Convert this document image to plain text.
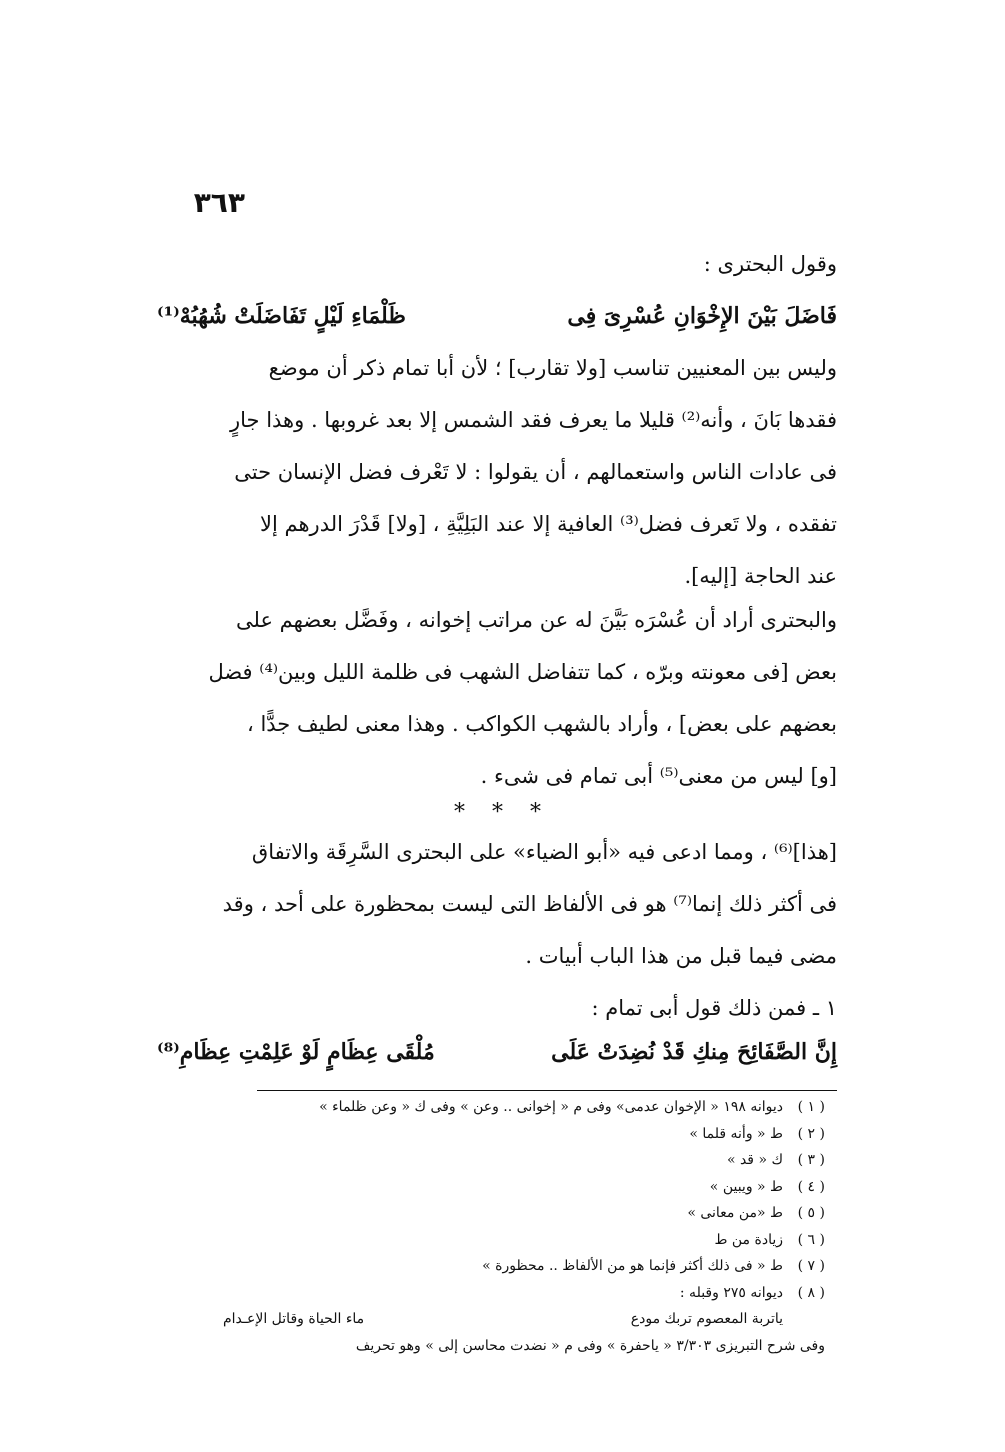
٣٦٣
وقول البحترى :
فَاضَلَ بَيْنَ الإِخْوَانِ عُسْرِىَ فِى
ظَلْمَاءِ لَيْلٍ تَفَاضَلَتْ شُهُبُهْ⁽¹⁾
وليس بين المعنيين تناسب [ولا تقارب] ؛ لأن أبا تمام ذكر أن موضع
فقدها بَانَ ، وأنه⁽²⁾ قليلا ما يعرف فقد الشمس إلا بعد غروبها . وهذا جارٍ
فى عادات الناس واستعمالهم ، أن يقولوا : لا تَعْرف فضل الإنسان حتى
تفقده ، ولا تَعرف فضل⁽³⁾ العافية إلا عند البَلِيَّةِ ، [ولا] قَدْرَ الدرهم إلا
عند الحاجة [إليه].
والبحترى أراد أن عُسْرَه بَيَّنَ له عن مراتب إخوانه ، وفَضَّل بعضهم على
بعض [فى معونته وبرّه ، كما تتفاضل الشهب فى ظلمة الليل وبين⁽⁴⁾ فضل
بعضهم على بعض] ، وأراد بالشهب الكواكب . وهذا معنى لطيف جدًّا ،
[و] ليس من معنى⁽⁵⁾ أبى تمام فى شىء .
* * *
[هذا]⁽⁶⁾ ، ومما ادعى فيه «أبو الضياء» على البحترى السَّرِقَة والاتفاق
فى أكثر ذلك إنما⁽⁷⁾ هو فى الألفاظ التى ليست بمحظورة على أحد ، وقد
مضى فيما قبل من هذا الباب أبيات .
١ ـ فمن ذلك قول أبى تمام :
إِنَّ الصَّفَائِحَ مِنكِ قَدْ نُضِدَتْ عَلَى
مُلْقَى عِظَامٍ لَوْ عَلِمْتِ عِظَامِ⁽⁸⁾
( ١ )ديوانه ١٩٨ « الإخوان عدمى» وفى م « إخوانى .. وعن » وفى ك « وعن ظلماء »
( ٢ )ط « وأنه قلما »
( ٣ )ك « قد »
( ٤ )ط « ويبين »
( ٥ )ط «من معانى »
( ٦ )زيادة من ط
( ٧ )ط « فى ذلك أكثر فإنما هو من الألفاظ .. محظورة »
( ٨ )ديوانه ٢٧٥ وقبله :
ياتربة المعصوم تربك مودع
ماء الحياة وقاتل الإعـدام
وفى شرح التبريزى ٣/٣٠٣ « ياحفرة » وفى م « نضدت محاسن إلى » وهو تحريف
